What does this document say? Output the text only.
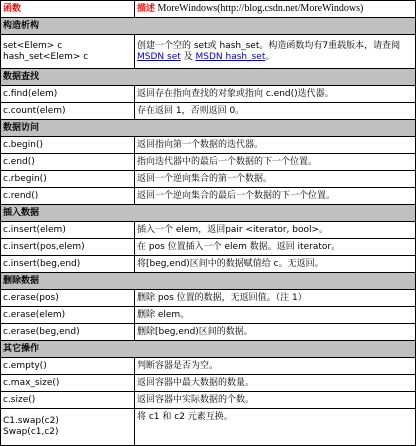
函数	描述 MoreWindows(http://blog.csdn.net/MoreWindows)
构造析构	

set<Elem> c
hash_set<Elem> c	创建一个空的 set或 hash_set。构造函数均有7重载版本，请查阅MSDN set 及 MSDN hash_set。
数据查找	
c.find(elem)	返回存在指向查找的对象或指向 c.end()迭代器。
c.count(elem)	存在返回 1，否则返回 0。
数据访问	
c.begin()	返回指向第一个数据的迭代器。
c.end()	指向迭代器中的最后一个数据的下一个位置。
c.rbegin()	返回一个逆向集合的第一个数据。
c.rend()	返回一个逆向集合的最后一个数据的下一个位置。
插入数据	
c.insert(elem)	插入一个 elem，返回pair <iterator, bool>。
c.insert(pos,elem)	在 pos 位置插入一个 elem 数据。返回 iterator。
c.insert(beg,end)	将[beg,end)区间中的数据赋值给 c。无返回。
删除数据	
c.erase(pos)	删除 pos 位置的数据，无返回值。（注 1）
c.erase(elem)	删除 elem。
c.erase(beg,end)	删除[beg,end)区间的数据。
其它操作	
c.empty()	判断容器是否为空。
c.max_size()	返回容器中最大数据的数量。
c.size()	返回容器中实际数据的个数。

C1.swap(c2)
Swap(c1,c2)	将 c1 和 c2 元素互换。
